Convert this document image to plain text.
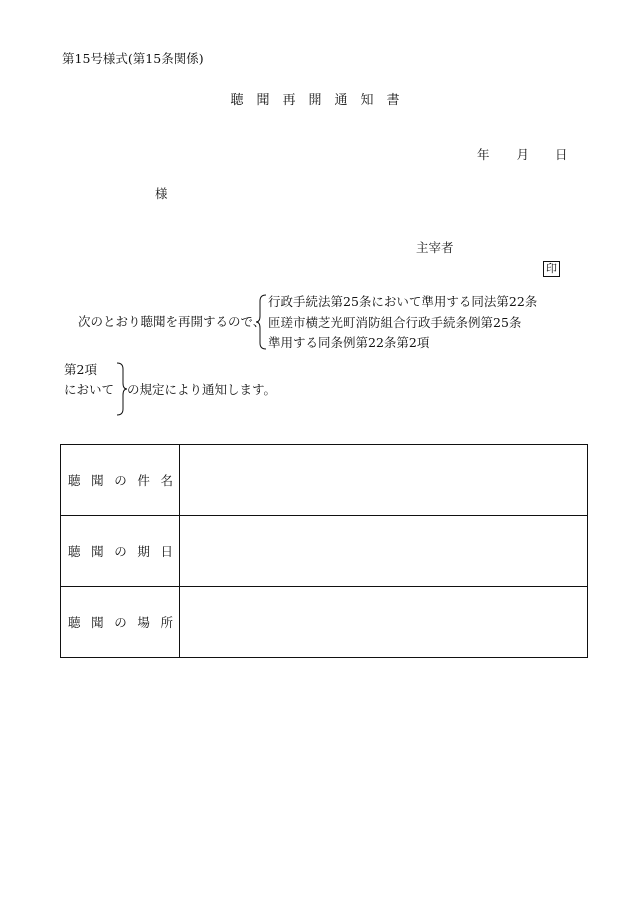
第15号様式(第15条関係)
聴　聞　再　開　通　知　書
年 月 日
様
主宰者
印
次のとおり聴聞を再開するので、
行政手続法第25条において準用する同法第22条
匝瑳市横芝光町消防組合行政手続条例第25条
準用する同条例第22条第2項
第2項
において の規定により通知します。
聴 聞 の 件 名	

聴 聞 の 期 日	

聴 聞 の 場 所	
